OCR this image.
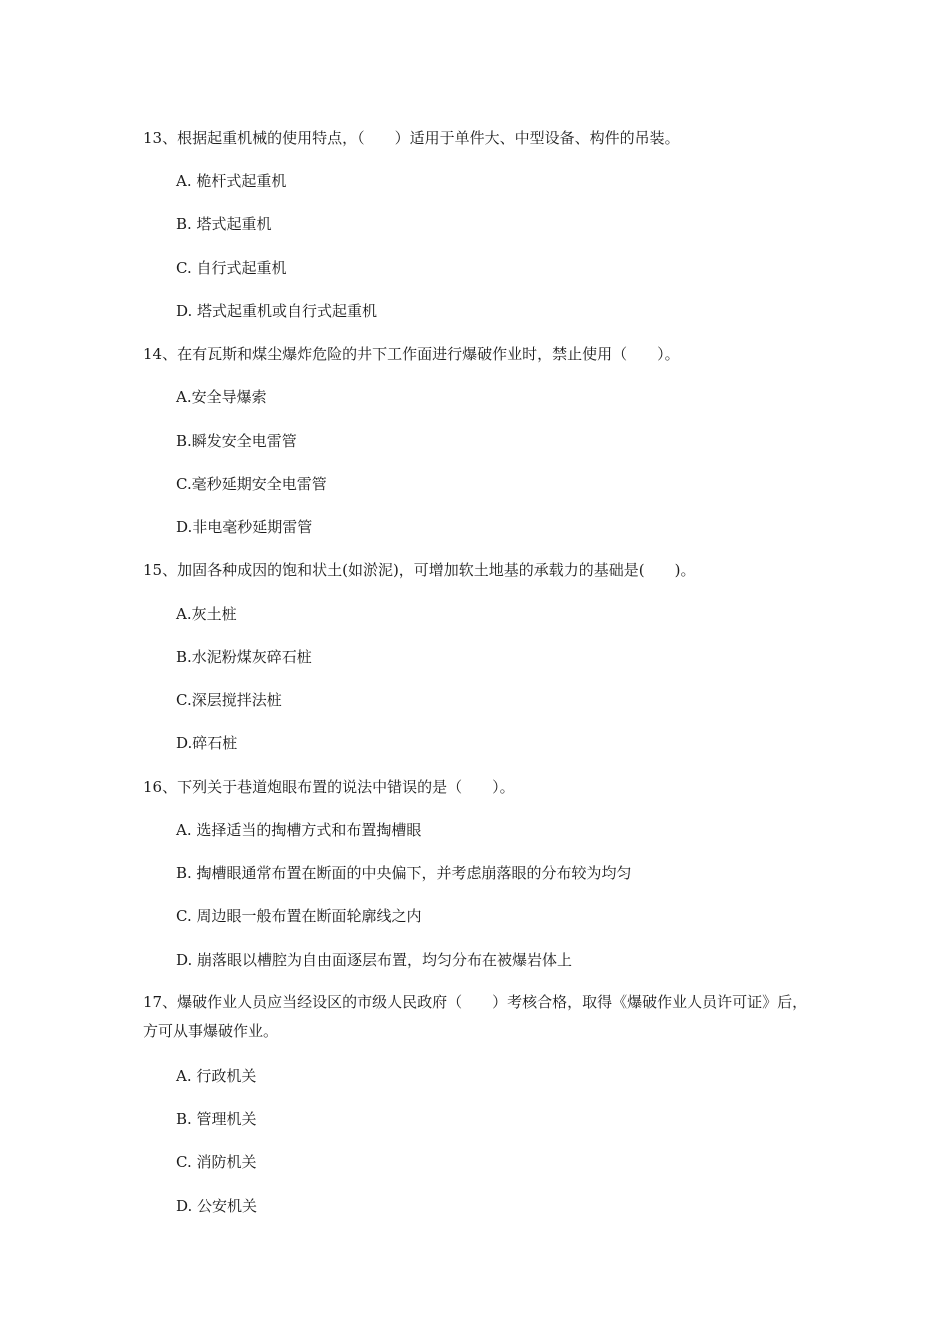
13、根据起重机械的使用特点，（　　）适用于单件大、中型设备、构件的吊装。
A. 桅杆式起重机
B. 塔式起重机
C. 自行式起重机
D. 塔式起重机或自行式起重机
14、在有瓦斯和煤尘爆炸危险的井下工作面进行爆破作业时，禁止使用（　　）。
A.安全导爆索
B.瞬发安全电雷管
C.毫秒延期安全电雷管
D.非电毫秒延期雷管
15、加固各种成因的饱和状土(如淤泥)，可增加软土地基的承载力的基础是(　　)。
A.灰土桩
B.水泥粉煤灰碎石桩
C.深层搅拌法桩
D.碎石桩
16、下列关于巷道炮眼布置的说法中错误的是（　　）。
A. 选择适当的掏槽方式和布置掏槽眼
B. 掏槽眼通常布置在断面的中央偏下，并考虑崩落眼的分布较为均匀
C. 周边眼一般布置在断面轮廓线之内
D. 崩落眼以槽腔为自由面逐层布置，均匀分布在被爆岩体上
17、爆破作业人员应当经设区的市级人民政府（　　）考核合格，取得《爆破作业人员许可证》后，方可从事爆破作业。
A. 行政机关
B. 管理机关
C. 消防机关
D. 公安机关
